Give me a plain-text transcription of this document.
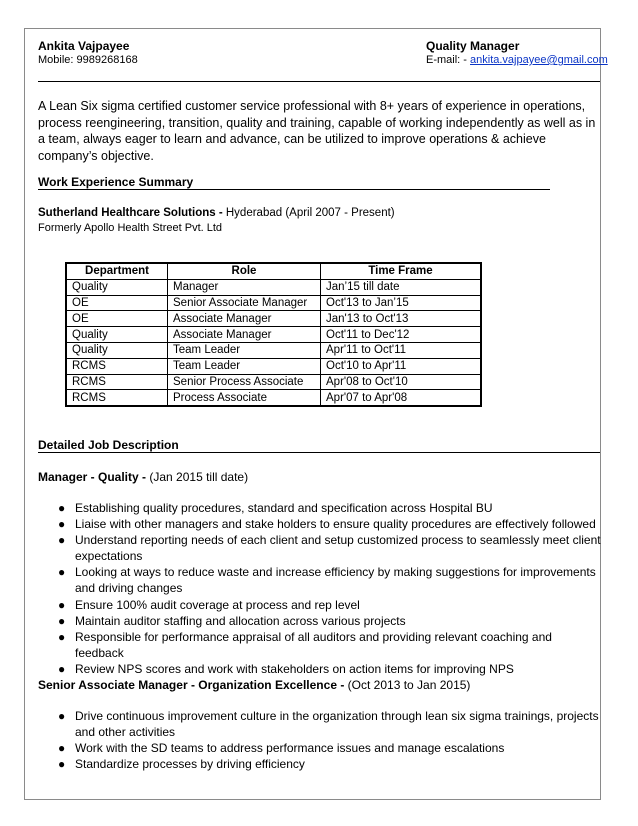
Ankita Vajpayee
Mobile: 9989268168
Quality Manager
E-mail: - ankita.vajpayee@gmail.com
A Lean Six sigma certified customer service professional with 8+ years of experience in operations, process reengineering, transition, quality and training, capable of working independently as well as in a team, always eager to learn and advance, can be utilized to improve operations & achieve company’s objective.
Work Experience Summary
Sutherland Healthcare Solutions - Hyderabad (April 2007 - Present)
Formerly Apollo Health Street Pvt. Ltd
Department	Role	Time Frame
Quality	Manager	Jan’15 till date
OE	Senior Associate Manager	Oct'13 to Jan’15
OE	Associate Manager	Jan'13 to Oct'13
Quality	Associate Manager	Oct'11 to Dec'12
Quality	Team Leader	Apr'11 to Oct'11
RCMS	Team Leader	Oct'10 to Apr'11
RCMS	Senior Process Associate	Apr'08 to Oct'10
RCMS	Process Associate	Apr'07 to Apr'08
Detailed Job Description
Manager - Quality - (Jan 2015 till date)
● Establishing quality procedures, standard and specification across Hospital BU
● Liaise with other managers and stake holders to ensure quality procedures are effectively followed
● Understand reporting needs of each client and setup customized process to seamlessly meet client expectations
● Looking at ways to reduce waste and increase efficiency by making suggestions for improvements and driving changes
● Ensure 100% audit coverage at process and rep level
● Maintain auditor staffing and allocation across various projects
● Responsible for performance appraisal of all auditors and providing relevant coaching and feedback
● Review NPS scores and work with stakeholders on action items for improving NPS
Senior Associate Manager - Organization Excellence - (Oct 2013 to Jan 2015)
● Drive continuous improvement culture in the organization through lean six sigma trainings, projects and other activities
● Work with the SD teams to address performance issues and manage escalations
● Standardize processes by driving efficiency
